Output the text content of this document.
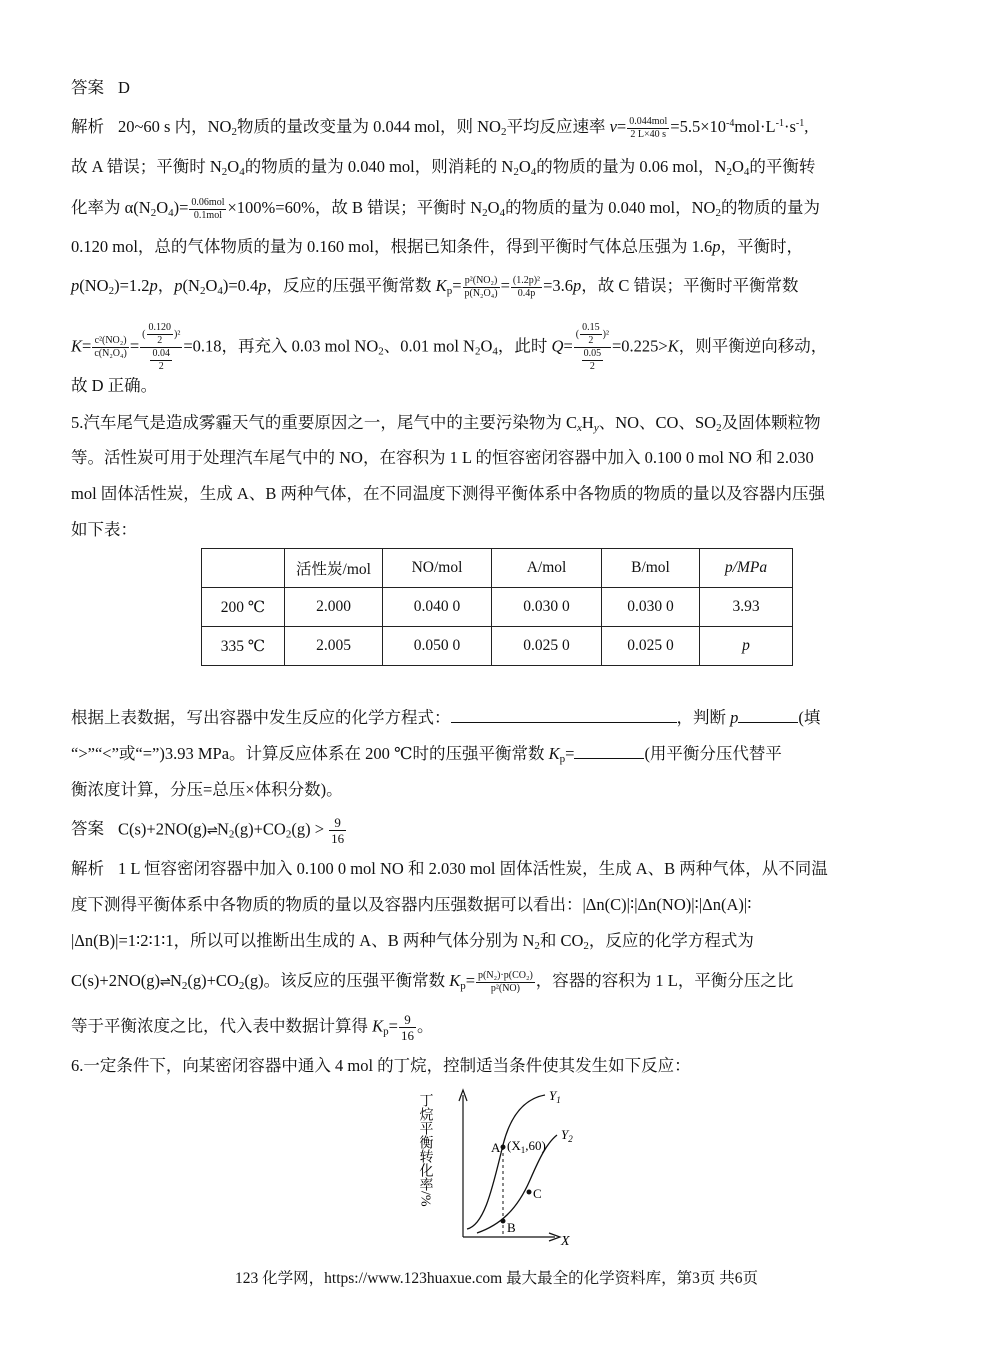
答案 D
解析 20~60 s 内，$NO_2$物质的量改变量为 0.044 mol，则 $NO_2$平均反应速率 $v= \frac{\text{0.044mol}}{2 L\times 40 s} =5.5\times 10^{-4}mol\cdot L^{-1}\cdot s^{-1}$,
故 A 错误；平衡时 $N_2O_4$的物质的量为 0.040 mol，则消耗的 $N_2O_4$的物质的量为 0.06 mol，$N_2O_4$的平衡转
化率为 $\alpha(N_2O_4)= \frac{\text{0.06mol}}{\text{0.1mol}} \times 100\%=60\%$，故 B 错误；平衡时 $N_2O_4$的物质的量为 0.040 mol，$NO_2$的物质的量为
0.120 mol，总的气体物质的量为 0.160 mol，根据已知条件，得到平衡时气体总压强为 1.6p，平衡时，
$p(NO_2)=1.2p$，$p(N_2O_4)=0.4p$，反应的压强平衡常数 $K_p= \frac{\text{p²(NO₂)}}{\text{p(N₂O₄)}} = \frac{\text{(1.2p)²}}{0.4p} =3.6p$，故 C 错误；平衡时平衡常数
$K= \frac{\text{c²(NO₂)}}{\text{c(N₂O₄)}} = \frac{( \frac{0.120}{2} )^2}{\frac{0.04}{2}} =0.18$，再充入 0.03 mol $NO_2$、0.01 mol $N_2O_4$，此时 $Q= \frac{( \frac{0.15}{2} )^2}{\frac{0.05}{2}} =0.225>K$，则平衡逆向移动，
故 D 正确。
5.汽车尾气是造成雾霾天气的重要原因之一，尾气中的主要污染物为 $C_xH_y$、NO、CO、$SO_2$及固体颗粒物
等。活性炭可用于处理汽车尾气中的 NO，在容积为 1 L 的恒容密闭容器中加入 0.100 0 mol NO 和 2.030
mol 固体活性炭，生成 A、B 两种气体，在不同温度下测得平衡体系中各物质的物质的量以及容器内压强
如下表：
	活性炭/mol	NO/mol	A/mol	B/mol	p/MPa
200 ℃	2.000	0.040 0	0.030 0	0.030 0	3.93
335 ℃	2.005	0.050 0	0.025 0	0.025 0	p
根据上表数据，写出容器中发生反应的化学方程式：	，判断 p	(填
“>”“<”或“=”)3.93 MPa。计算反应体系在 200 ℃时的压强平衡常数 $K_p=$	(用平衡分压代替平
衡浓度计算，分压=总压×体积分数)。
答案 $C(s)+2NO(g)\rightleftharpoons N_2(g)+CO_2(g) > \frac{9}{16}$
解析 1 L 恒容密闭容器中加入 0.100 0 mol NO 和 2.030 mol 固体活性炭，生成 A、B 两种气体，从不同温
度下测得平衡体系中各物质的物质的量以及容器内压强数据可以看出：|Δn(C)|∶|Δn(NO)|∶|Δn(A)|∶
|Δn(B)|=1∶2∶1∶1，所以可以推断出生成的 A、B 两种气体分别为 $N_2$和 $CO_2$，反应的化学方程式为
$C(s)+2NO(g)\rightleftharpoons N_2(g)+CO_2(g)$。该反应的压强平衡常数 $K_p= \frac{\text{p(N₂)·p(CO₂)}}{\text{p²(NO)}}$ ，容器的容积为 1 L，平衡分压之比
等于平衡浓度之比，代入表中数据计算得 $K_p= \frac{9}{16}$ 。
6.一定条件下，向某密闭容器中通入 4 mol 的丁烷，控制适当条件使其发生如下反应：
丁烷平衡转化率/%
X
$Y_1$
$Y_2$
A $(X_1,60)$
B
C
123 化学网，https://www.123huaxue.com 最大最全的化学资料库，第3页 共6页
